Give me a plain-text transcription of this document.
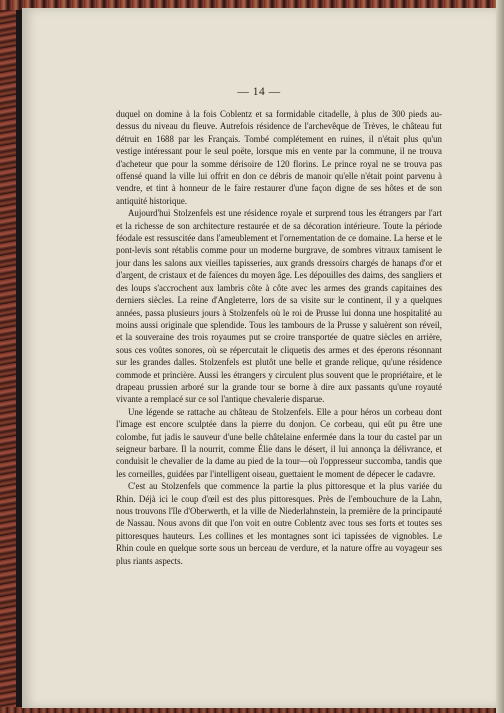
— 14 —

duquel on domine à la fois Coblentz et sa formidable citadelle, à plus de 300 pieds au-dessus du niveau du fleuve. Autrefois résidence de l'archevêque de Trèves, le château fut détruit en 1688 par les Français. Tombé complétement en ruines, il n'était plus qu'un vestige intéressant pour le seul poëte, lorsque mis en vente par la commune, il ne trouva d'acheteur que pour la somme dérisoire de 120 florins. Le prince royal ne se trouva pas offensé quand la ville lui offrit en don ce débris de manoir qu'elle n'était point parvenu à vendre, et tint à honneur de le faire restaurer d'une façon digne de ses hôtes et de son antiquité historique.

Aujourd'hui Stolzenfels est une résidence royale et surprend tous les étrangers par l'art et la richesse de son architecture restaurée et de sa décoration intérieure. Toute la période féodale est ressuscitée dans l'ameublement et l'ornementation de ce domaine. La herse et le pont-levis sont rétablis comme pour un moderne burgrave, de sombres vitraux tamisent le jour dans les salons aux vieilles tapisseries, aux grands dressoirs chargés de hanaps d'or et d'argent, de cristaux et de faïences du moyen âge. Les dépouilles des daims, des sangliers et des loups s'accrochent aux lambris côte à côte avec les armes des grands capitaines des derniers siècles. La reine d'Angleterre, lors de sa visite sur le continent, il y a quelques années, passa plusieurs jours à Stolzenfels où le roi de Prusse lui donna une hospitalité au moins aussi originale que splendide. Tous les tambours de la Prusse y saluèrent son réveil, et la souveraine des trois royaumes put se croire transportée de quatre siècles en arrière, sous ces voûtes sonores, où se répercutait le cliquetis des armes et des éperons résonnant sur les grandes dalles. Stolzenfels est plutôt une belle et grande relique, qu'une résidence commode et princière. Aussi les étrangers y circulent plus souvent que le propriétaire, et le drapeau prussien arboré sur la grande tour se borne à dire aux passants qu'une royauté vivante a remplacé sur ce sol l'antique chevalerie disparue.

Une légende se rattache au château de Stolzenfels. Elle a pour héros un corbeau dont l'image est encore sculptée dans la pierre du donjon. Ce corbeau, qui eût pu être une colombe, fut jadis le sauveur d'une belle châtelaine enfermée dans la tour du castel par un seigneur barbare. Il la nourrit, comme Élie dans le désert, il lui annonça la délivrance, et conduisit le chevalier de la dame au pied de la tour—où l'oppresseur succomba, tandis que les corneilles, guidées par l'intelligent oiseau, guettaient le moment de dépecer le cadavre.

C'est au Stolzenfels que commence la partie la plus pittoresque et la plus variée du Rhin. Déjà ici le coup d'œil est des plus pittoresques. Près de l'embouchure de la Lahn, nous trouvons l'île d'Oberwerth, et la ville de Niederlahnstein, la première de la principauté de Nassau. Nous avons dit que l'on voit en outre Coblentz avec tous ses forts et toutes ses pittoresques hauteurs. Les collines et les montagnes sont ici tapissées de vignobles. Le Rhin coule en quelque sorte sous un berceau de verdure, et la nature offre au voyageur ses plus riants aspects.
